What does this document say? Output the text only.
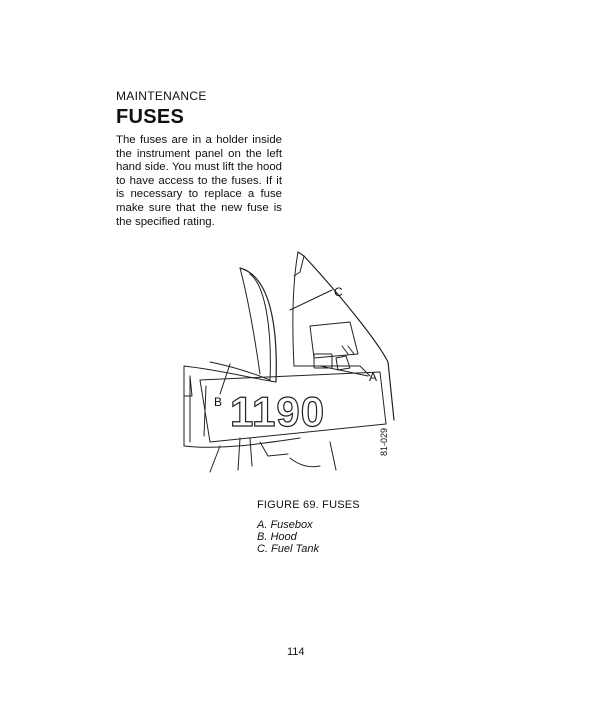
MAINTENANCE
FUSES

The fuses are in a holder inside the instrument panel on the left hand side. You must lift the hood to have access to the fuses. If it is necessary to replace a fuse make sure that the new fuse is the specified rating.

C
A
B 1190
81-029
FIGURE 69. FUSES
A. Fusebox
B. Hood
C. Fuel Tank
114
